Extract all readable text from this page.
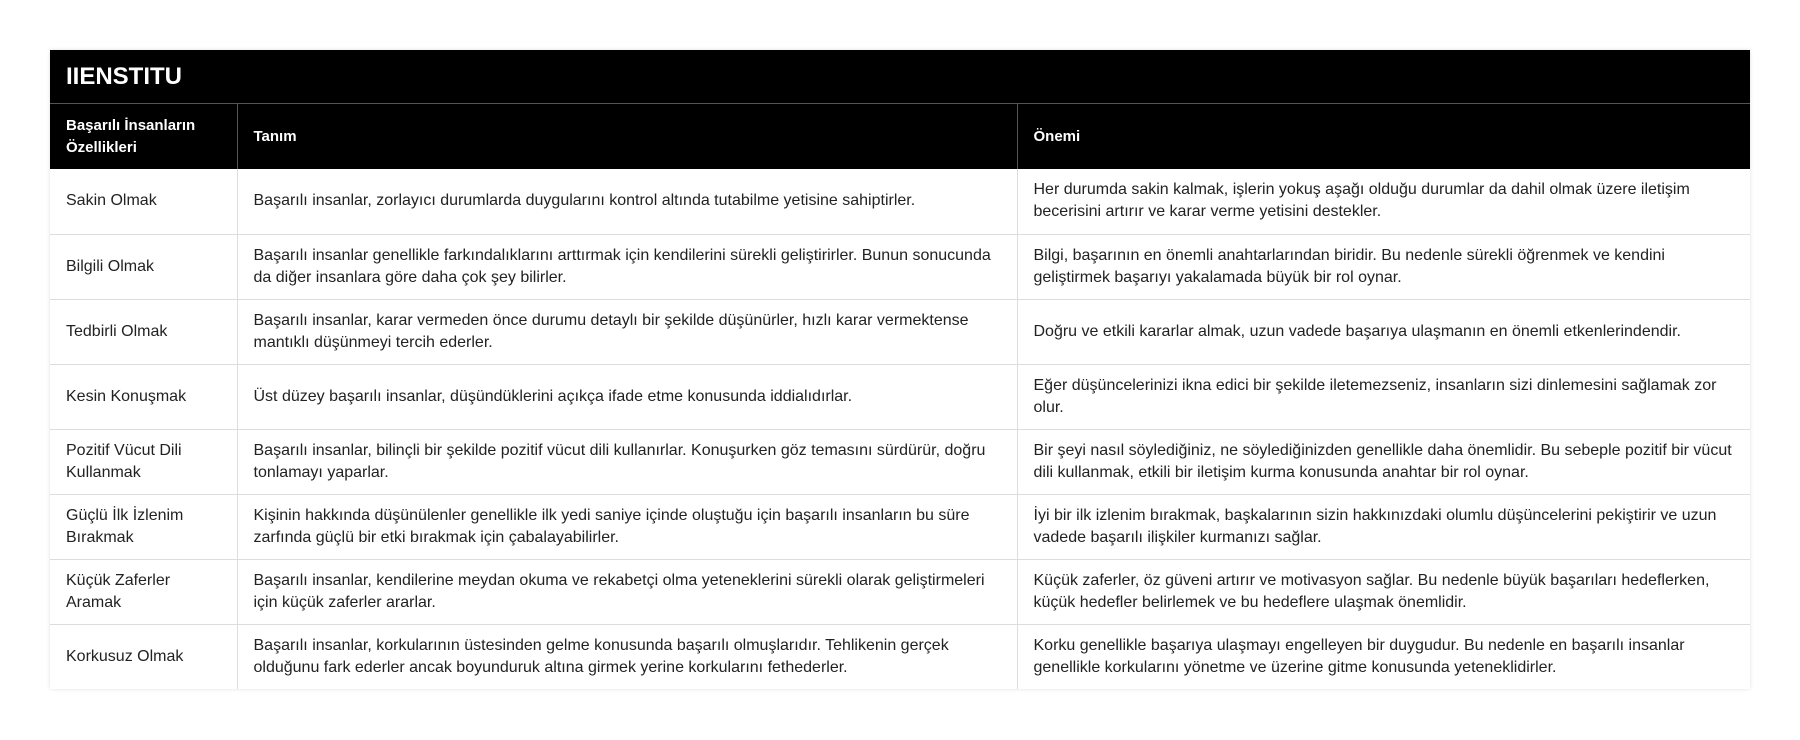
IIENSTITU
Başarılı İnsanların Özellikleri	Tanım	Önemi
Sakin Olmak	Başarılı insanlar, zorlayıcı durumlarda duygularını kontrol altında tutabilme yetisine sahiptirler.	Her durumda sakin kalmak, işlerin yokuş aşağı olduğu durumlar da dahil olmak üzere iletişim becerisini artırır ve karar verme yetisini destekler.
Bilgili Olmak	Başarılı insanlar genellikle farkındalıklarını arttırmak için kendilerini sürekli geliştirirler. Bunun sonucunda da diğer insanlara göre daha çok şey bilirler.	Bilgi, başarının en önemli anahtarlarından biridir. Bu nedenle sürekli öğrenmek ve kendini geliştirmek başarıyı yakalamada büyük bir rol oynar.
Tedbirli Olmak	Başarılı insanlar, karar vermeden önce durumu detaylı bir şekilde düşünürler, hızlı karar vermektense mantıklı düşünmeyi tercih ederler.	Doğru ve etkili kararlar almak, uzun vadede başarıya ulaşmanın en önemli etkenlerindendir.
Kesin Konuşmak	Üst düzey başarılı insanlar, düşündüklerini açıkça ifade etme konusunda iddialıdırlar.	Eğer düşüncelerinizi ikna edici bir şekilde iletemezseniz, insanların sizi dinlemesini sağlamak zor olur.
Pozitif Vücut Dili Kullanmak	Başarılı insanlar, bilinçli bir şekilde pozitif vücut dili kullanırlar. Konuşurken göz temasını sürdürür, doğru tonlamayı yaparlar.	Bir şeyi nasıl söylediğiniz, ne söylediğinizden genellikle daha önemlidir. Bu sebeple pozitif bir vücut dili kullanmak, etkili bir iletişim kurma konusunda anahtar bir rol oynar.
Güçlü İlk İzlenim Bırakmak	Kişinin hakkında düşünülenler genellikle ilk yedi saniye içinde oluştuğu için başarılı insanların bu süre zarfında güçlü bir etki bırakmak için çabalayabilirler.	İyi bir ilk izlenim bırakmak, başkalarının sizin hakkınızdaki olumlu düşüncelerini pekiştirir ve uzun vadede başarılı ilişkiler kurmanızı sağlar.
Küçük Zaferler Aramak	Başarılı insanlar, kendilerine meydan okuma ve rekabetçi olma yeteneklerini sürekli olarak geliştirmeleri için küçük zaferler ararlar.	Küçük zaferler, öz güveni artırır ve motivasyon sağlar. Bu nedenle büyük başarıları hedeflerken, küçük hedefler belirlemek ve bu hedeflere ulaşmak önemlidir.
Korkusuz Olmak	Başarılı insanlar, korkularının üstesinden gelme konusunda başarılı olmuşlarıdır. Tehlikenin gerçek olduğunu fark ederler ancak boyunduruk altına girmek yerine korkularını fethederler.	Korku genellikle başarıya ulaşmayı engelleyen bir duygudur. Bu nedenle en başarılı insanlar genellikle korkularını yönetme ve üzerine gitme konusunda yeteneklidirler.
